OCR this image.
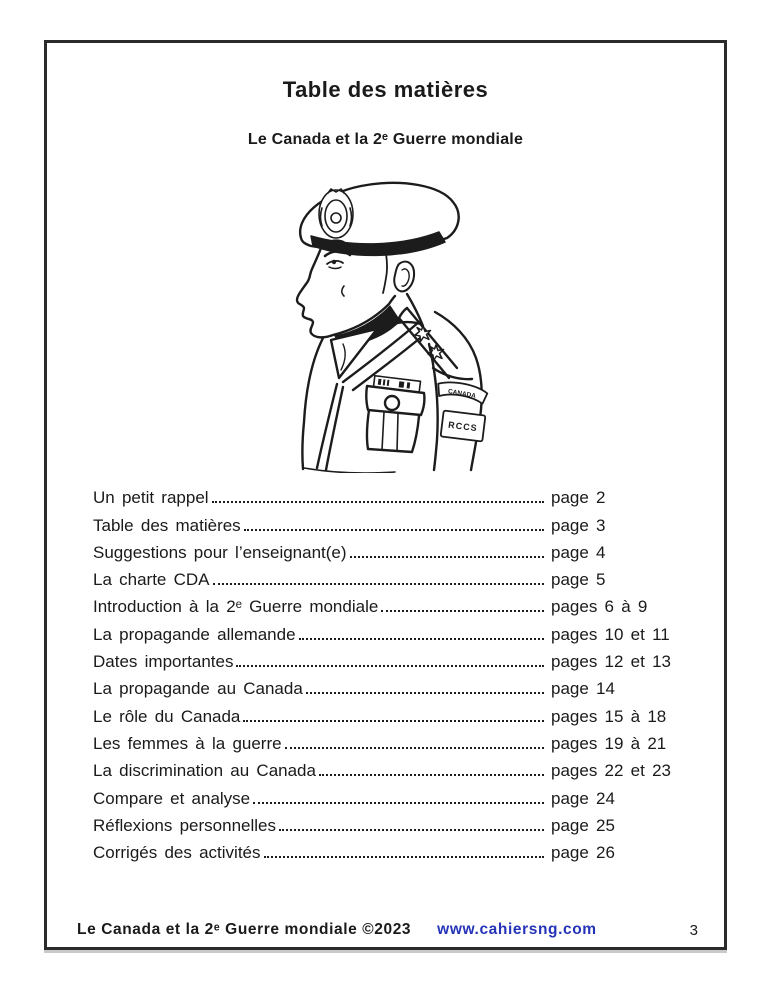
Table des matières
Le Canada et la 2ᵉ Guerre mondiale
CANADA
RCCS
Un petit rappel	page 2
Table des matières	page 3
Suggestions pour l’enseignant(e)	page 4
La charte CDA	page 5
Introduction à la 2ᵉ Guerre mondiale	pages 6 à 9
La propagande allemande	pages 10 et 11
Dates importantes	pages 12 et 13
La propagande au Canada	page 14
Le rôle du Canada	pages 15 à 18
Les femmes à la guerre	pages 19 à 21
La discrimination au Canada	pages 22 et 23
Compare et analyse	page 24
Réflexions personnelles	page 25
Corrigés des activités	page 26
Le Canada et la 2ᵉ Guerre mondiale ©2023 www.cahiersng.com	3
